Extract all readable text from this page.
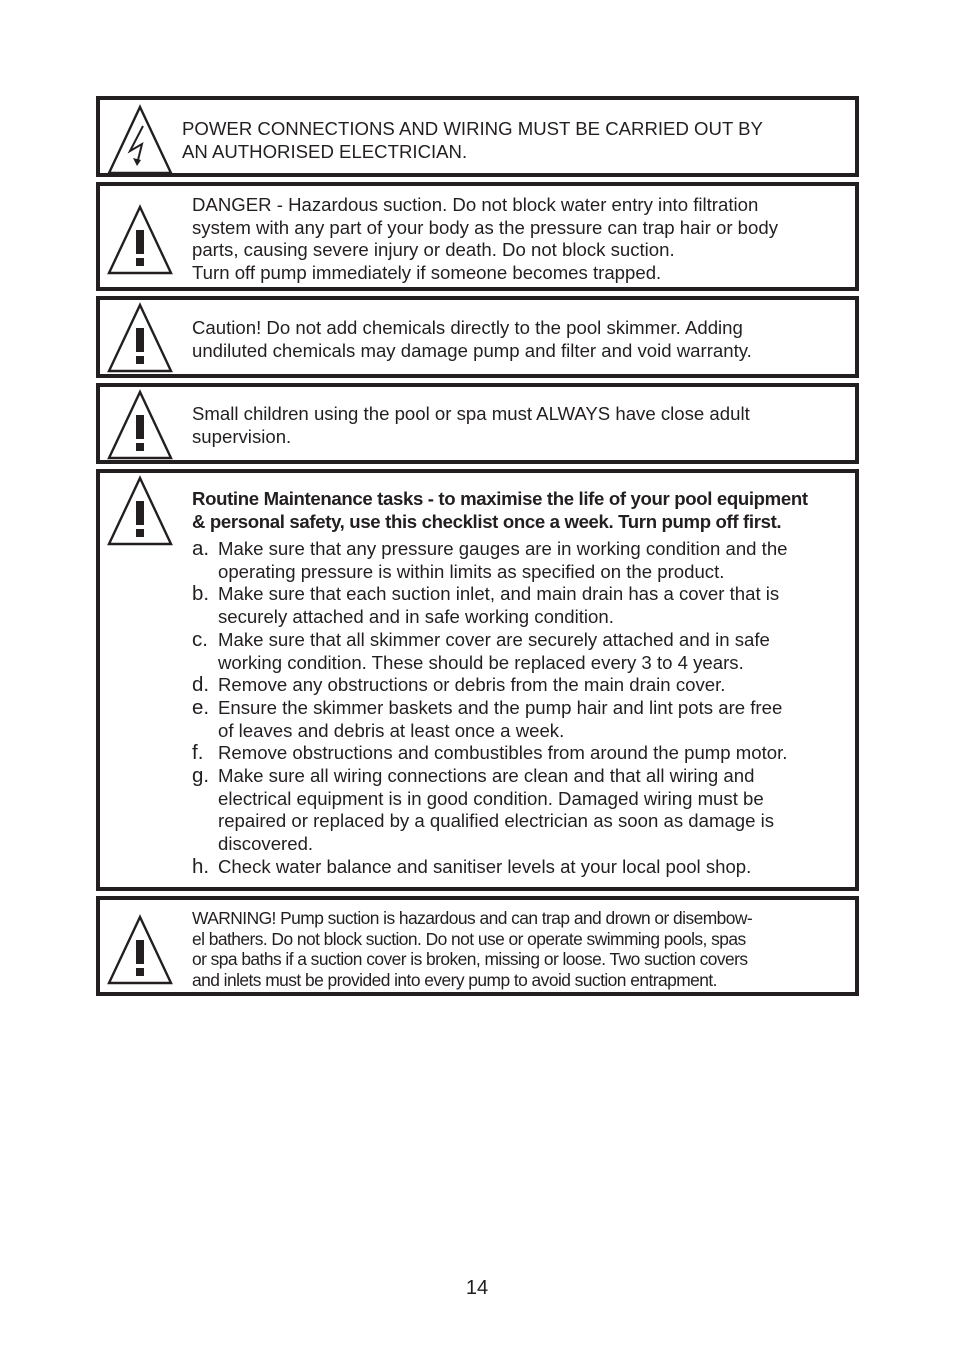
POWER CONNECTIONS AND WIRING MUST BE CARRIED OUT BY

AN AUTHORISED ELECTRICIAN.

DANGER - Hazardous suction. Do not block water entry into filtration

system with any part of your body as the pressure can trap hair or body

parts, causing severe injury or death. Do not block suction.

Turn off pump immediately if someone becomes trapped.

Caution! Do not add chemicals directly to the pool skimmer. Adding

undiluted chemicals may damage pump and filter and void warranty.

Small children using the pool or spa must ALWAYS have close adult

supervision.

Routine Maintenance tasks - to maximise the life of your pool equipment

& personal safety, use this checklist once a week. Turn pump off first.

a. Make sure that any pressure gauges are in working condition and the

operating pressure is within limits as specified on the product.

b. Make sure that each suction inlet, and main drain has a cover that is

securely attached and in safe working condition.

c. Make sure that all skimmer cover are securely attached and in safe

working condition. These should be replaced every 3 to 4 years.

d. Remove any obstructions or debris from the main drain cover.

e. Ensure the skimmer baskets and the pump hair and lint pots are free

of leaves and debris at least once a week.

f. Remove obstructions and combustibles from around the pump motor.

g. Make sure all wiring connections are clean and that all wiring and

electrical equipment is in good condition. Damaged wiring must be

repaired or replaced by a qualified electrician as soon as damage is

discovered.

h. Check water balance and sanitiser levels at your local pool shop.

WARNING! Pump suction is hazardous and can trap and drown or disembow-

el bathers. Do not block suction. Do not use or operate swimming pools, spas

or spa baths if a suction cover is broken, missing or loose. Two suction covers

and inlets must be provided into every pump to avoid suction entrapment.

14
